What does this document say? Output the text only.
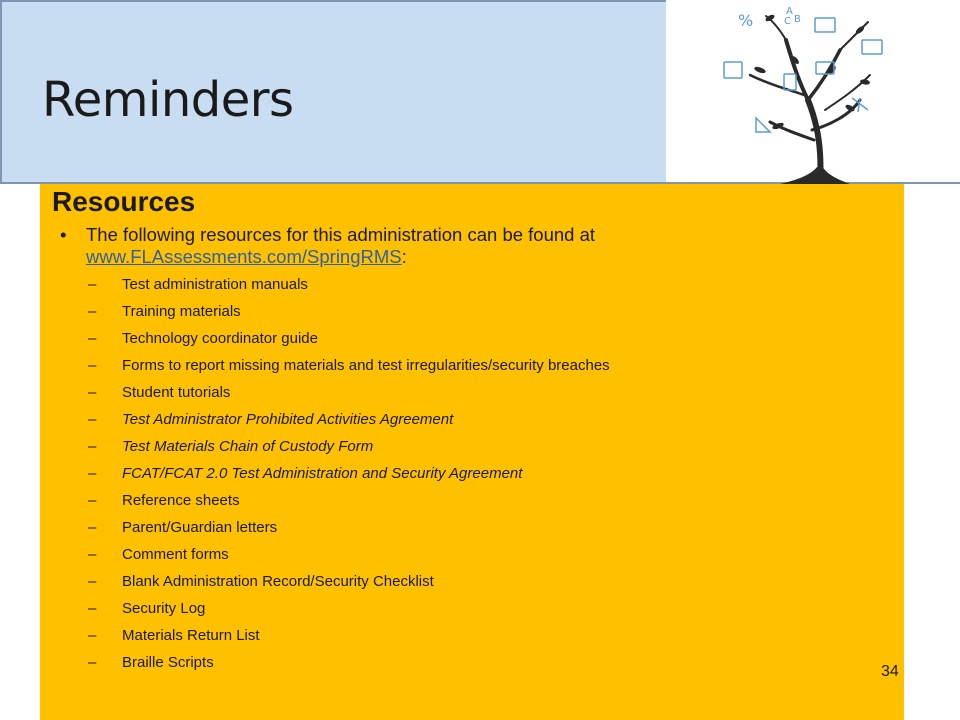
Reminders
%	A
C B
Resources
• The following resources for this administration can be found at www.FLAssessments.com/SpringRMS:
– Test administration manuals
– Training materials
– Technology coordinator guide
– Forms to report missing materials and test irregularities/security breaches
– Student tutorials
– Test Administrator Prohibited Activities Agreement
– Test Materials Chain of Custody Form
– FCAT/FCAT 2.0 Test Administration and Security Agreement
– Reference sheets
– Parent/Guardian letters
– Comment forms
– Blank Administration Record/Security Checklist
– Security Log
– Materials Return List
– Braille Scripts
34
